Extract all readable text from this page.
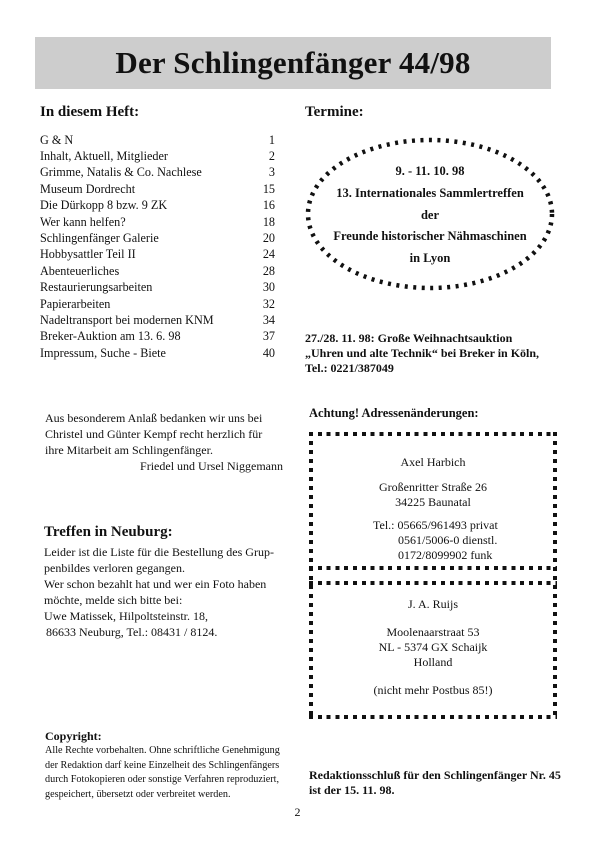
Der Schlingenfänger 44/98
In diesem Heft:
G & N	1
Inhalt, Aktuell, Mitglieder	2
Grimme, Natalis & Co. Nachlese	3
Museum Dordrecht	15
Die Dürkopp 8 bzw. 9 ZK	16
Wer kann helfen?	18
Schlingenfänger Galerie	20
Hobbysattler Teil II	24
Abenteuerliches	28
Restaurierungsarbeiten	30
Papierarbeiten	32
Nadeltransport bei modernen KNM	34
Breker-Auktion am 13. 6. 98	37
Impressum, Suche - Biete	40
Termine:
9. - 11. 10. 98
13. Internationales Sammlertreffen
der
Freunde historischer Nähmaschinen
in Lyon
27./28. 11. 98: Große Weihnachtsauktion
„Uhren und alte Technik“ bei Breker in Köln,
Tel.: 0221/387049
Aus besonderem Anlaß bedanken wir uns bei
Christel und Günter Kempf recht herzlich für
ihre Mitarbeit am Schlingenfänger.
Friedel und Ursel Niggemann
Treffen in Neuburg:
Leider ist die Liste für die Bestellung des Grup-
penbildes verloren gegangen.
Wer schon bezahlt hat und wer ein Foto haben
möchte, melde sich bitte bei:
Uwe Matissek, Hilpoltsteinstr. 18,
86633 Neuburg, Tel.: 08431 / 8124.
Achtung! Adressenänderungen:
Axel Harbich
Großenritter Straße 26
34225 Baunatal
Tel.: 05665/961493 privat
0561/5006-0 dienstl.
0172/8099902 funk
J. A. Ruijs
Moolenaarstraat 53
NL - 5374 GX Schaijk
Holland
(nicht mehr Postbus 85!)
Copyright:
Alle Rechte vorbehalten. Ohne schriftliche Genehmigung
der Redaktion darf keine Einzelheit des Schlingenfängers
durch Fotokopieren oder sonstige Verfahren reproduziert,
gespeichert, übersetzt oder verbreitet werden.
Redaktionsschluß für den Schlingenfänger Nr. 45
ist der 15. 11. 98.
2
